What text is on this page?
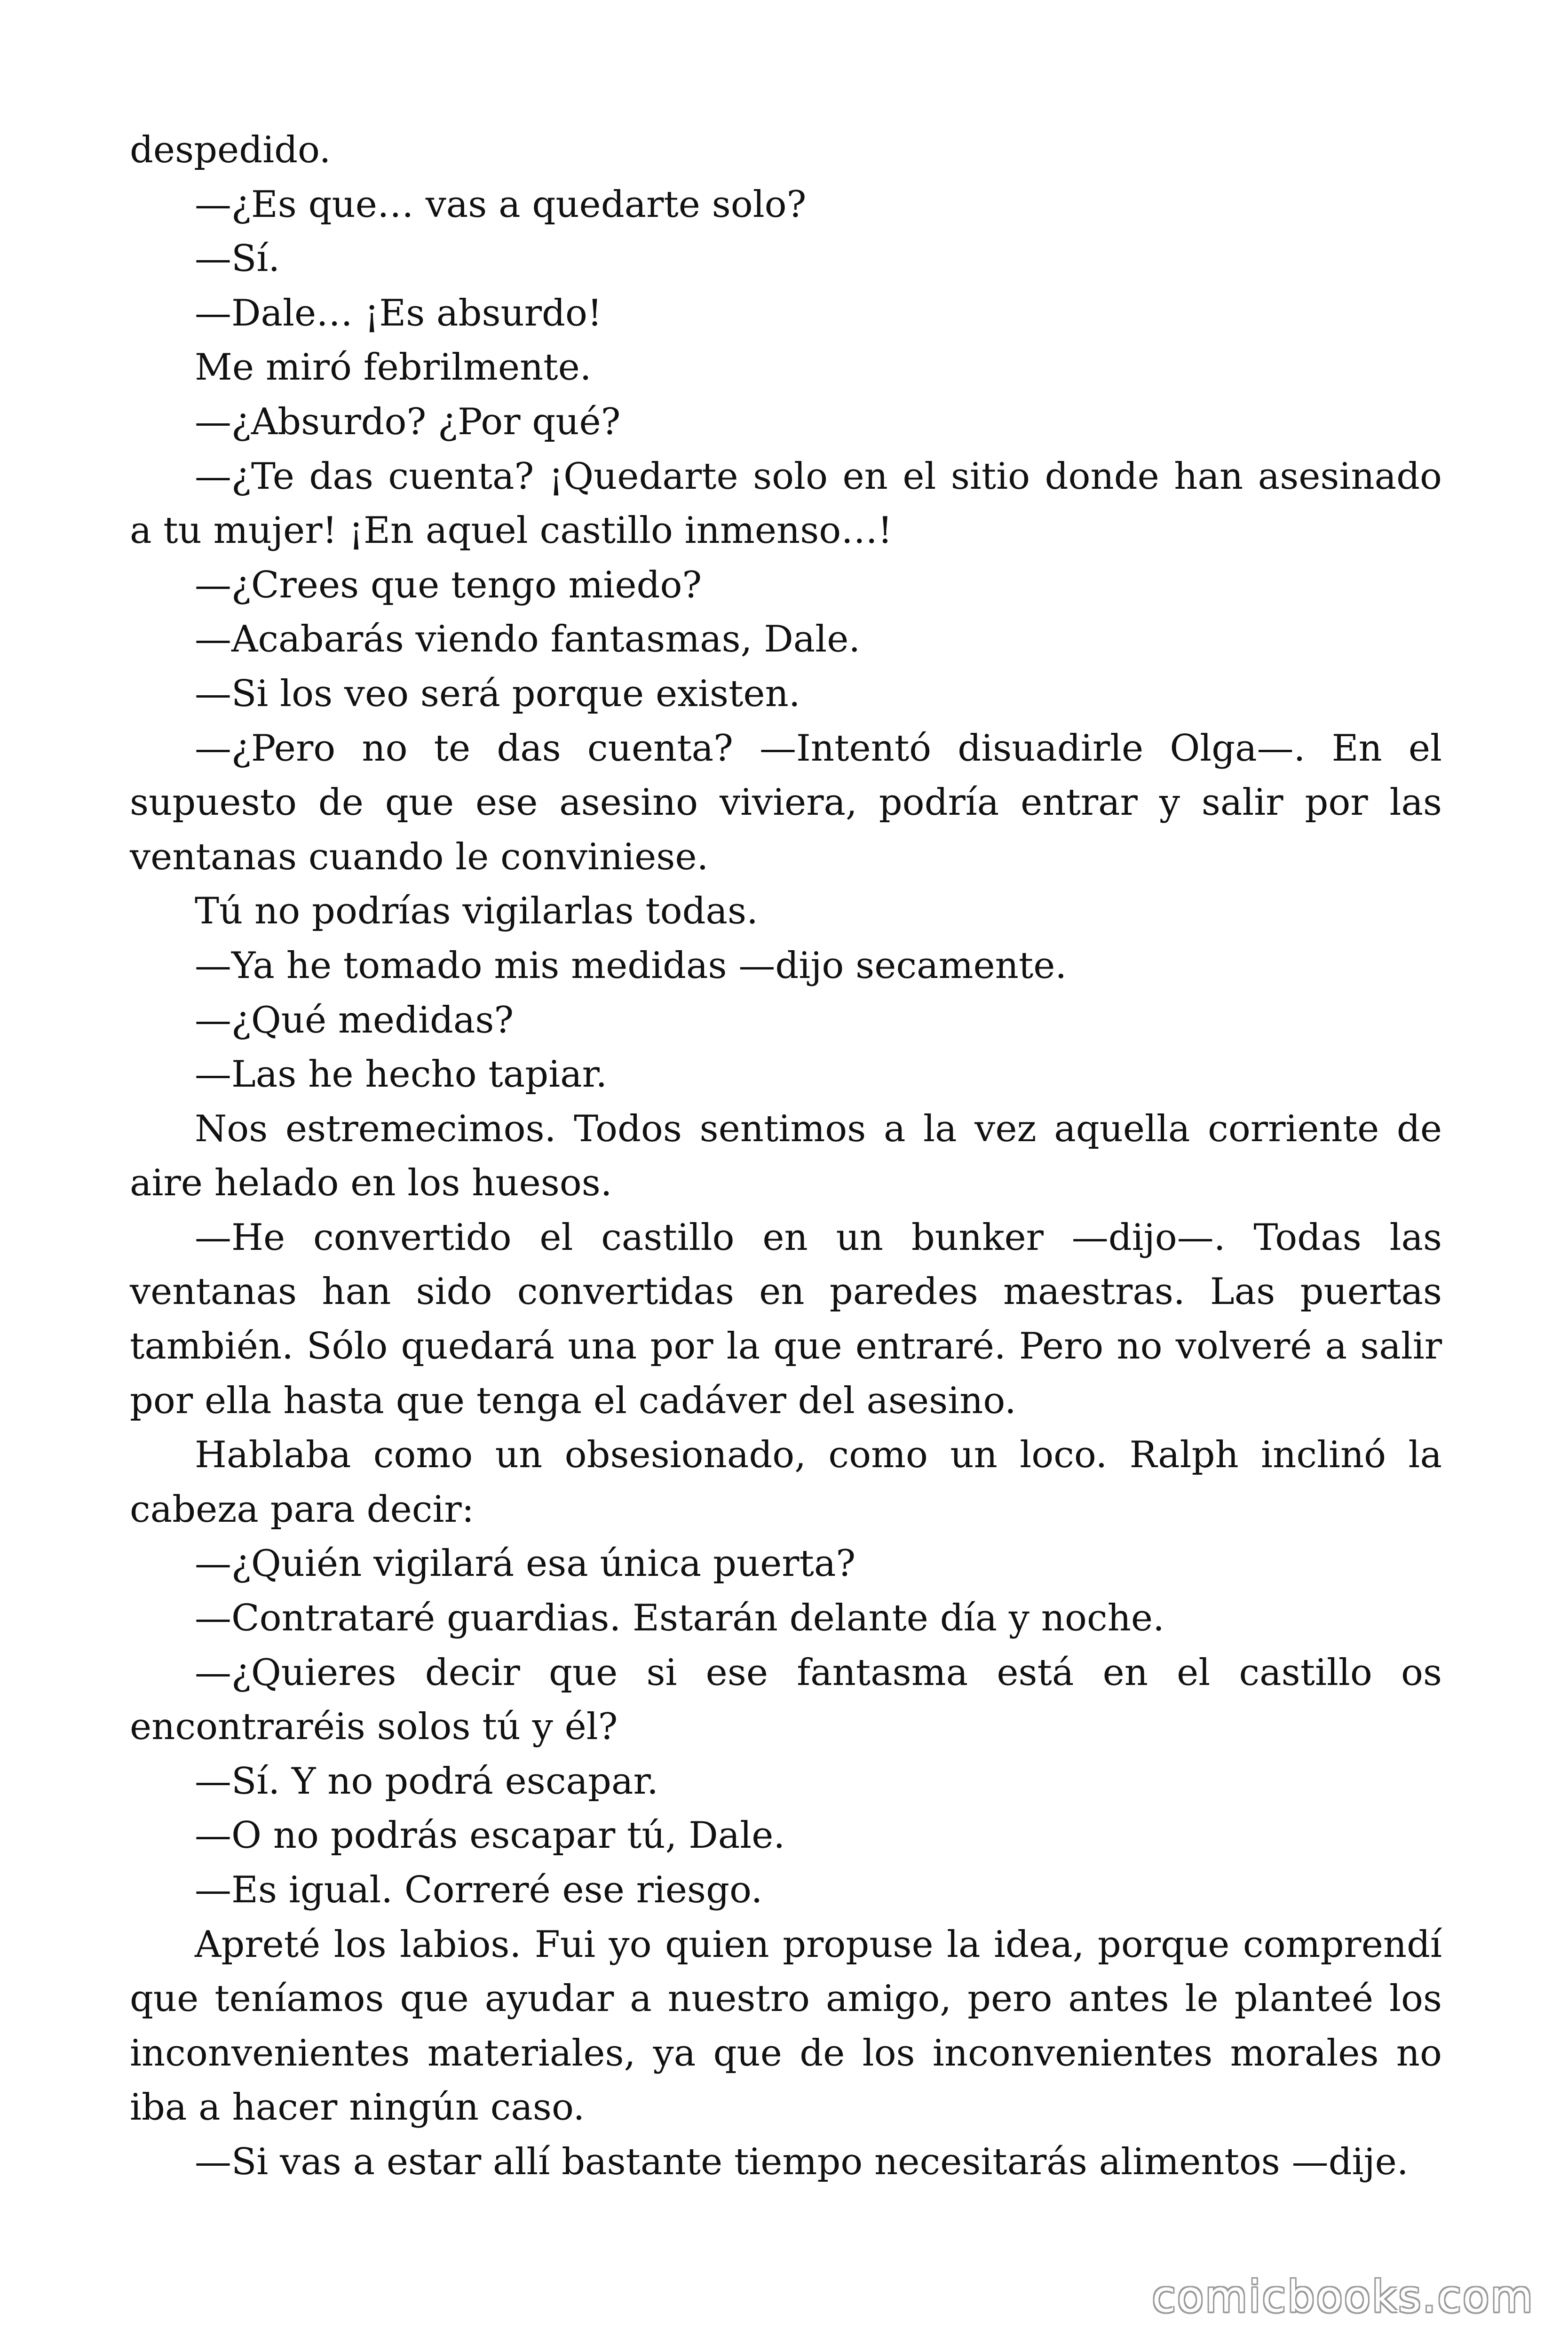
despedido.

—¿Es que… vas a quedarte solo?

—Sí.

—Dale… ¡Es absurdo!

Me miró febrilmente.

—¿Absurdo? ¿Por qué?

—¿Te das cuenta? ¡Quedarte solo en el sitio donde han asesinado a tu mujer! ¡En aquel castillo inmenso…!

—¿Crees que tengo miedo?

—Acabarás viendo fantasmas, Dale.

—Si los veo será porque existen.

—¿Pero no te das cuenta? —Intentó disuadirle Olga—. En el supuesto de que ese asesino viviera, podría entrar y salir por las ventanas cuando le conviniese.

Tú no podrías vigilarlas todas.

—Ya he tomado mis medidas —dijo secamente.

—¿Qué medidas?

—Las he hecho tapiar.

Nos estremecimos. Todos sentimos a la vez aquella corriente de aire helado en los huesos.

—He convertido el castillo en un bunker —dijo—. Todas las ventanas han sido convertidas en paredes maestras. Las puertas también. Sólo quedará una por la que entraré. Pero no volveré a salir por ella hasta que tenga el cadáver del asesino.

Hablaba como un obsesionado, como un loco. Ralph inclinó la cabeza para decir:

—¿Quién vigilará esa única puerta?

—Contrataré guardias. Estarán delante día y noche.

—¿Quieres decir que si ese fantasma está en el castillo os encontraréis solos tú y él?

—Sí. Y no podrá escapar.

—O no podrás escapar tú, Dale.

—Es igual. Correré ese riesgo.

Apreté los labios. Fui yo quien propuse la idea, porque comprendí que teníamos que ayudar a nuestro amigo, pero antes le planteé los inconvenientes materiales, ya que de los inconvenientes morales no iba a hacer ningún caso.

—Si vas a estar allí bastante tiempo necesitarás alimentos —dije.

comicbooks.com
